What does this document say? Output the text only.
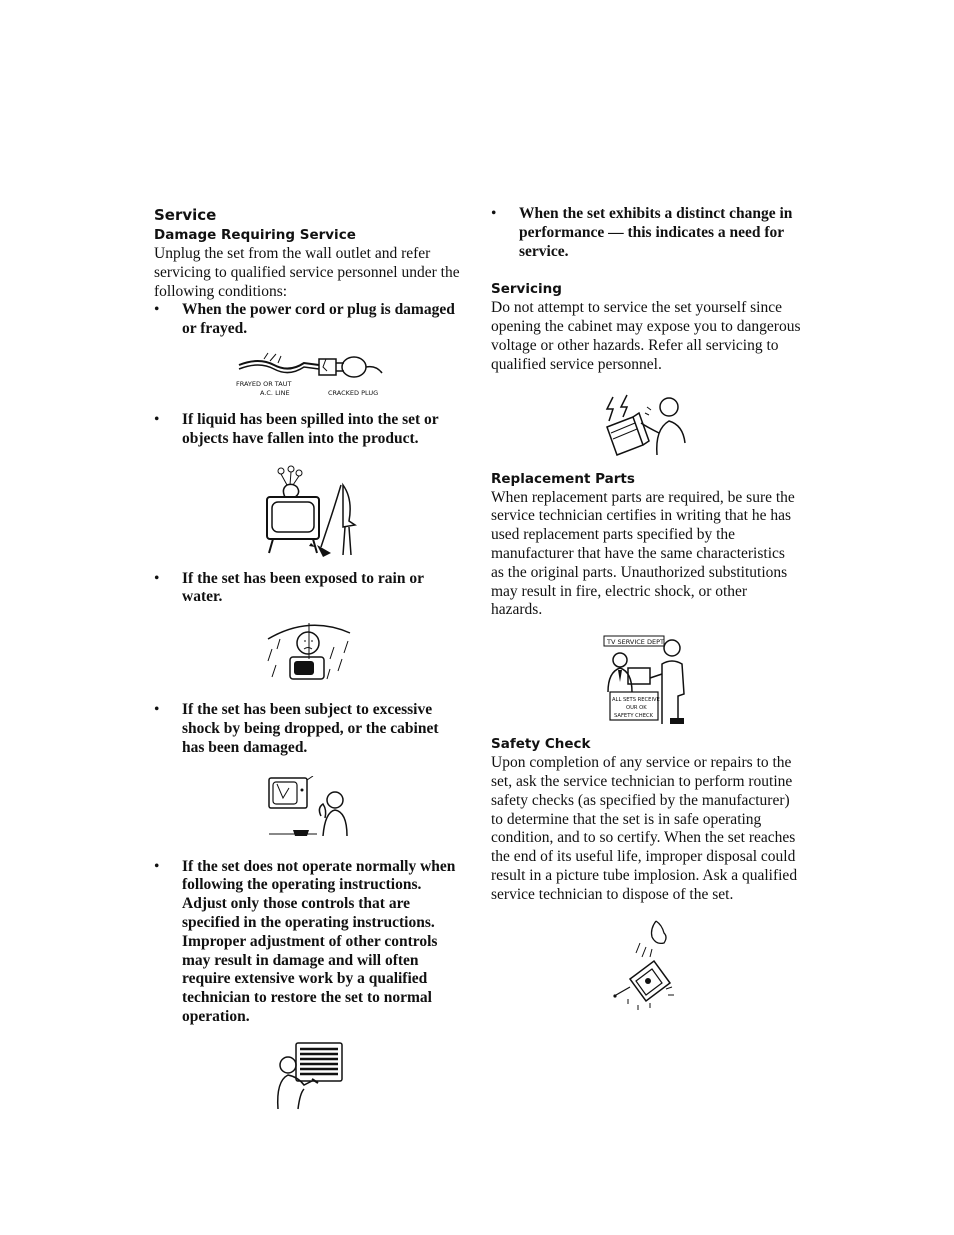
Service

Damage Requiring Service

Unplug the set from the wall outlet and refer servicing to qualified service personnel under the following conditions:

• When the power cord or plug is damaged or frayed.
FRAYED OR TAUT
A.C. LINE	CRACKED PLUG
• If liquid has been spilled into the set or objects have fallen into the product.
• If the set has been exposed to rain or water.
• If the set has been subject to excessive shock by being dropped, or the cabinet has been damaged.
• If the set does not operate normally when following the operating instructions. Adjust only those controls that are specified in the operating instructions. Improper adjustment of other controls may result in damage and will often require extensive work by a qualified technician to restore the set to normal operation.
• When the set exhibits a distinct change in performance — this indicates a need for service.

Servicing

Do not attempt to service the set yourself since opening the cabinet may expose you to dangerous voltage or other hazards. Refer all servicing to qualified service personnel.

Replacement Parts

When replacement parts are required, be sure the service technician certifies in writing that he has used replacement parts specified by the manufacturer that have the same characteristics as the original parts. Unauthorized substitutions may result in fire, electric shock, or other hazards.

TV SERVICE DEPT.
ALL SETS RECEIVE
OUR OK
SAFETY CHECK

Safety Check

Upon completion of any service or repairs to the set, ask the service technician to perform routine safety checks (as specified by the manufacturer) to determine that the set is in safe operating condition, and to so certify. When the set reaches the end of its useful life, improper disposal could result in a picture tube implosion. Ask a qualified service technician to dispose of the set.
